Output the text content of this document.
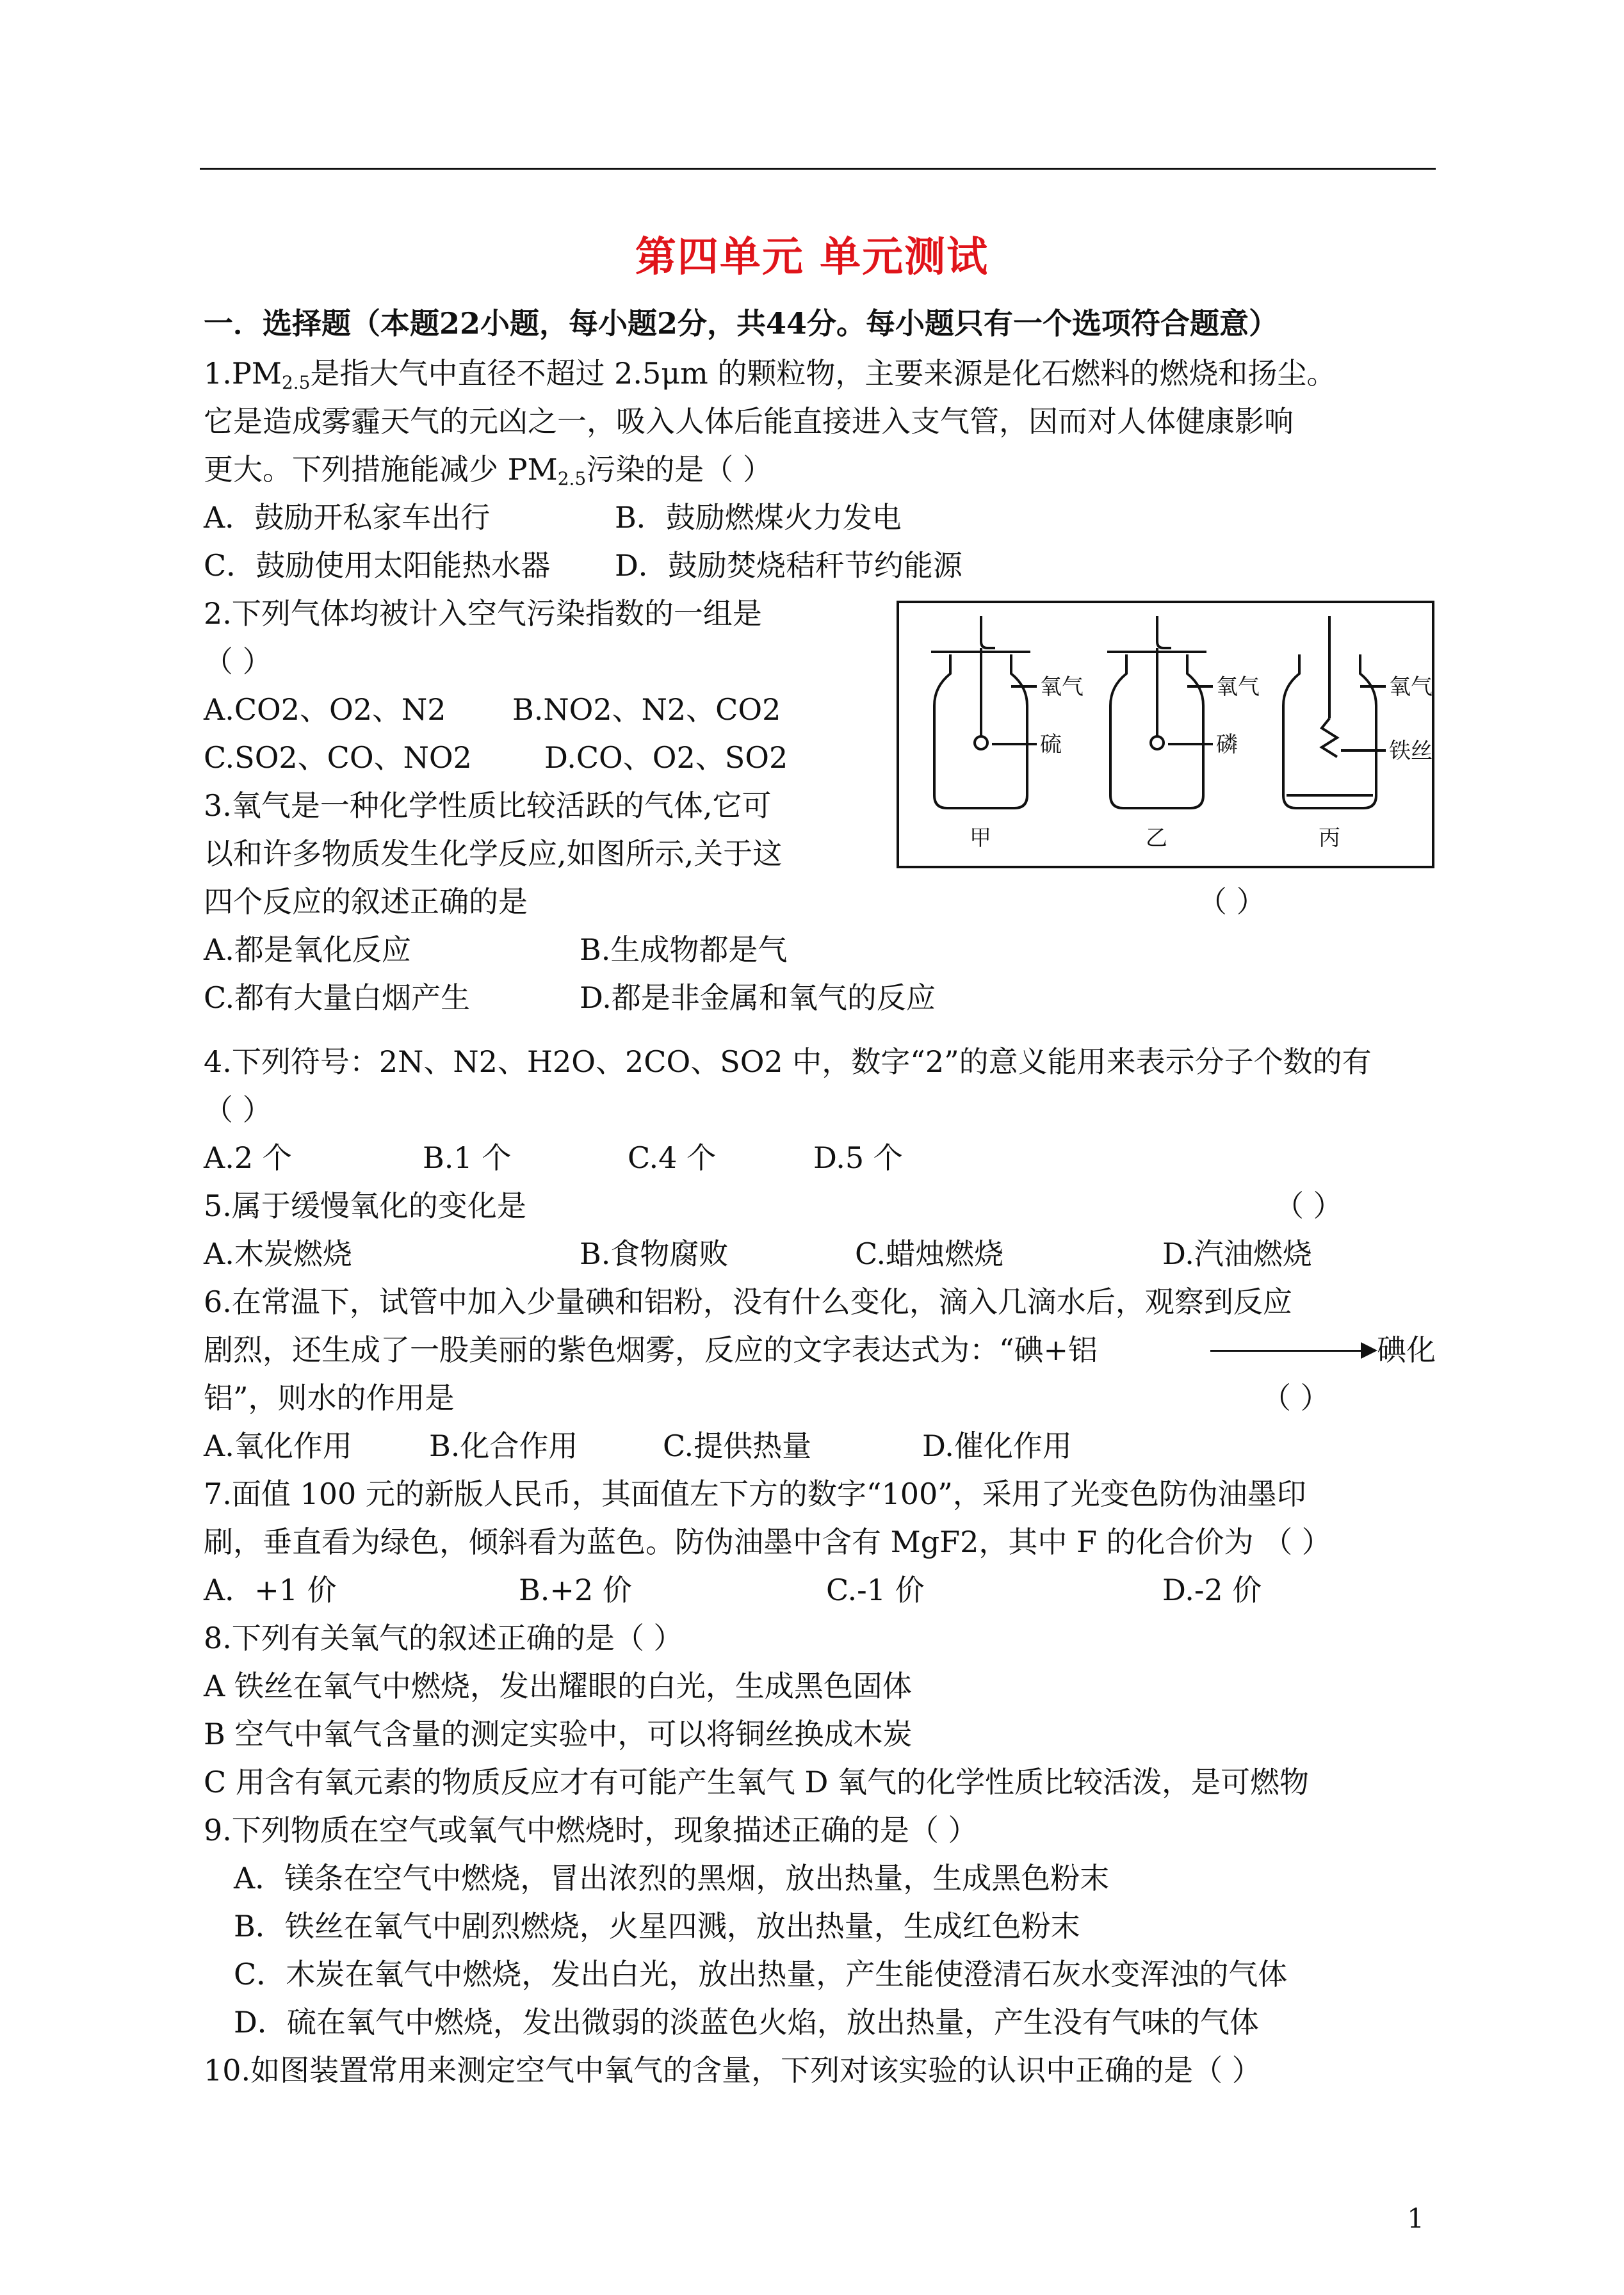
第四单元 单元测试
一．选择题（本题22小题，每小题2分，共44分。每小题只有一个选项符合题意）
$1.PM_{2.5}$是指大气中直径不超过 2.5μm 的颗粒物，主要来源是化石燃料的燃烧和扬尘。
它是造成雾霾天气的元凶之一，吸入人体后能直接进入支气管，因而对人体健康影响
更大。下列措施能减少 $PM_{2.5}$污染的是（ ）
A．鼓励开私家车出行	B．鼓励燃煤火力发电
C．鼓励使用太阳能热水器 D．鼓励焚烧秸秆节约能源
2.下列气体均被计入空气污染指数的一组是
（ ）
A.CO2、O2、N2 B.NO2、N2、CO2
C.SO2、CO、NO2 D.CO、O2、SO2
氧气
硫
甲
氧气
磷
乙
氧气
铁丝
丙
3.氧气是一种化学性质比较活跃的气体,它可
以和许多物质发生化学反应,如图所示,关于这
四个反应的叙述正确的是	（ ）
A.都是氧化反应	B.生成物都是气
C.都有大量白烟产生	D.都是非金属和氧气的反应
4.下列符号：2N、N2、H2O、2CO、SO2 中，数字“2”的意义能用来表示分子个数的有
（ ）
A.2 个	B.1 个	C.4 个	D.5 个
5.属于缓慢氧化的变化是	（ ）
A.木炭燃烧	B.食物腐败	C.蜡烛燃烧	D.汽油燃烧
6.在常温下，试管中加入少量碘和铝粉，没有什么变化，滴入几滴水后，观察到反应
剧烈，还生成了一股美丽的紫色烟雾，反应的文字表达式为：“碘+铝	碘化
铝”，则水的作用是	（ ）
A.氧化作用	B.化合作用	C.提供热量	D.催化作用
7.面值 100 元的新版人民币，其面值左下方的数字“100”，采用了光变色防伪油墨印
刷，垂直看为绿色，倾斜看为蓝色。防伪油墨中含有 MgF2，其中 F 的化合价为 （ ）
A．+1 价	B.+2 价	C.-1 价	D.-2 价
8.下列有关氧气的叙述正确的是（ ）
A 铁丝在氧气中燃烧，发出耀眼的白光，生成黑色固体
B 空气中氧气含量的测定实验中，可以将铜丝换成木炭
C 用含有氧元素的物质反应才有可能产生氧气 D 氧气的化学性质比较活泼，是可燃物
9.下列物质在空气或氧气中燃烧时，现象描述正确的是（ ）
A．镁条在空气中燃烧，冒出浓烈的黑烟，放出热量，生成黑色粉末
B．铁丝在氧气中剧烈燃烧，火星四溅，放出热量，生成红色粉末
C．木炭在氧气中燃烧，发出白光，放出热量，产生能使澄清石灰水变浑浊的气体
D．硫在氧气中燃烧，发出微弱的淡蓝色火焰，放出热量，产生没有气味的气体
10.如图装置常用来测定空气中氧气的含量，下列对该实验的认识中正确的是（ ）
1
